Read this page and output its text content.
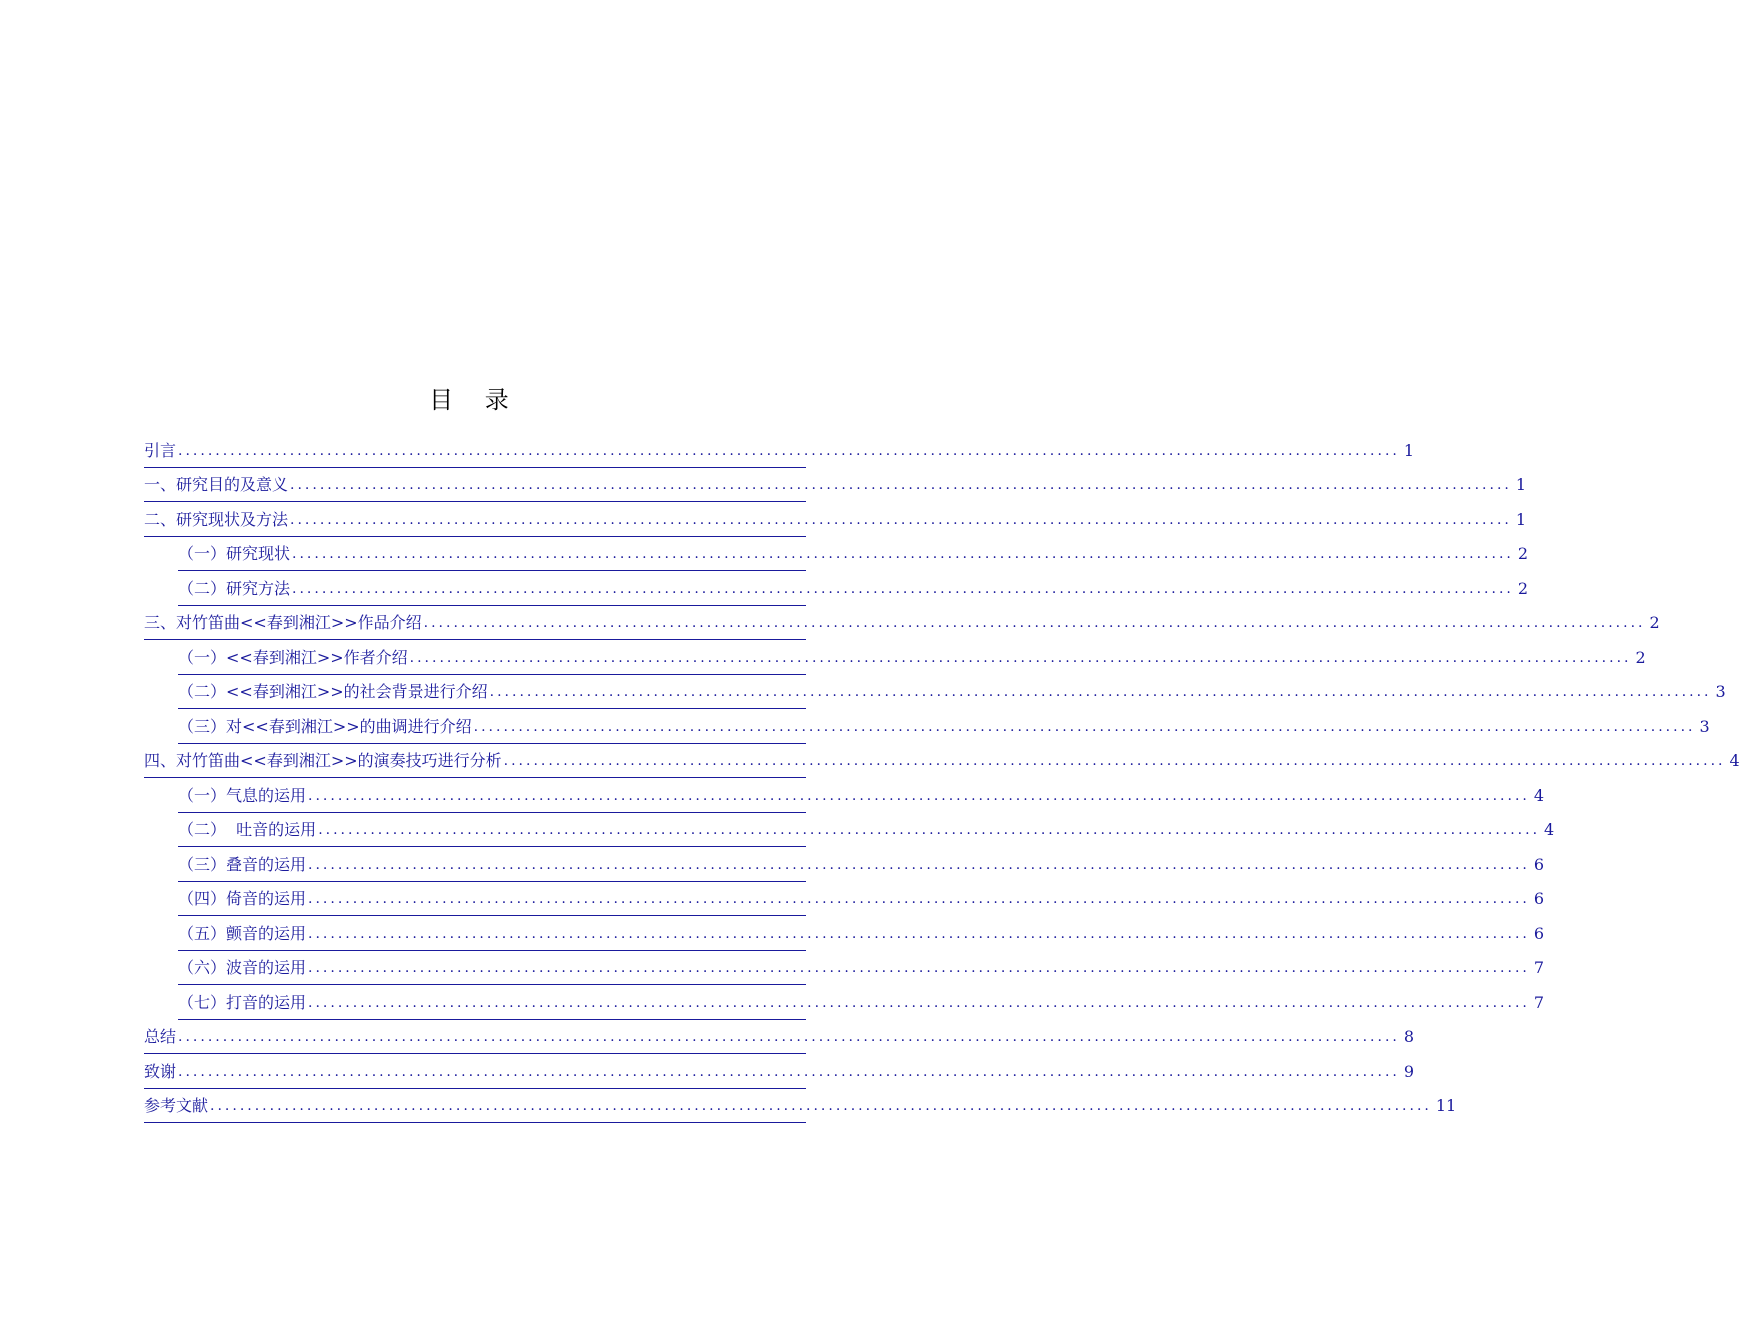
目 录
引言 .................................................................................................................................................................... 1
一、研究目的及意义 .................................................................................................................................................................... 1
二、研究现状及方法 .................................................................................................................................................................... 1
（一）研究现状 .................................................................................................................................................................... 2
（二）研究方法 .................................................................................................................................................................... 2
三、对竹笛曲<<春到湘江>>作品介绍 .................................................................................................................................................................... 2
（一）<<春到湘江>>作者介绍 .................................................................................................................................................................... 2
（二）<<春到湘江>>的社会背景进行介绍 .................................................................................................................................................................... 3
（三）对<<春到湘江>>的曲调进行介绍 .................................................................................................................................................................... 3
四、对竹笛曲<<春到湘江>>的演奏技巧进行分析 .................................................................................................................................................................... 4
（一）气息的运用 .................................................................................................................................................................... 4
（二）  吐音的运用 .................................................................................................................................................................... 4
（三）叠音的运用 .................................................................................................................................................................... 6
（四）倚音的运用 .................................................................................................................................................................... 6
（五）颤音的运用 .................................................................................................................................................................... 6
（六）波音的运用 .................................................................................................................................................................... 7
（七）打音的运用 .................................................................................................................................................................... 7
总结 .................................................................................................................................................................... 8
致谢 .................................................................................................................................................................... 9
参考文献 .................................................................................................................................................................... 11
